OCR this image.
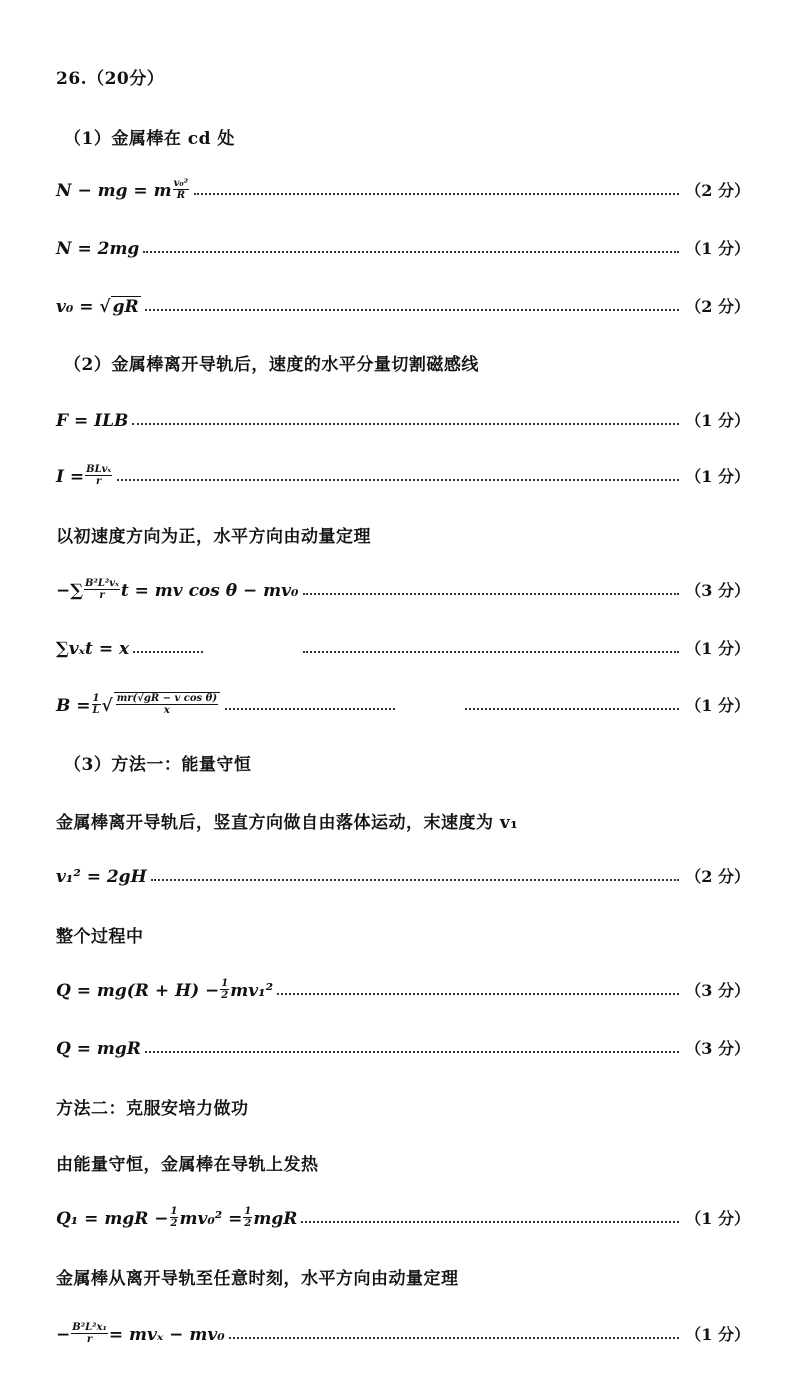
26.（20分）
（1）金属棒在 cd 处
N − mg = m $\frac{\text{v₀²}}{R}$	（2 分）
N = 2mg	（1 分）
v₀ = √ gR	（2 分）
（2）金属棒离开导轨后，速度的水平分量切割磁感线
F = ILB	（1 分）
$I = \frac{\text{BLvₓ}}{r}$	（1 分）
以初速度方向为正，水平方向由动量定理
−∑ $\frac{\text{B²L²vₓ}}{r}$ t = mv cos θ − mv₀	（3 分）
∑vₓt = x	（1 分）
$B = \frac{1}{L}$ √ $\frac{\text{mr(√gR − v cos θ)}}{x}$	（1 分）
（3）方法一：能量守恒
金属棒离开导轨后，竖直方向做自由落体运动，末速度为 v₁
v₁² = 2gH	（2 分）
整个过程中
$Q = mg(R + H) - \frac{1}{2} mv_1^2$	（3 分）
Q = mgR	（3 分）
方法二：克服安培力做功
由能量守恒，金属棒在导轨上发热
Q₁ = mgR − $\frac{1}{2} mv_0^2 = \frac{1}{2}$ mgR	（1 分）
金属棒从离开导轨至任意时刻，水平方向由动量定理
− $\frac{\text{B²L²x₁}}{r} = mv_x - mv_0$	（1 分）
